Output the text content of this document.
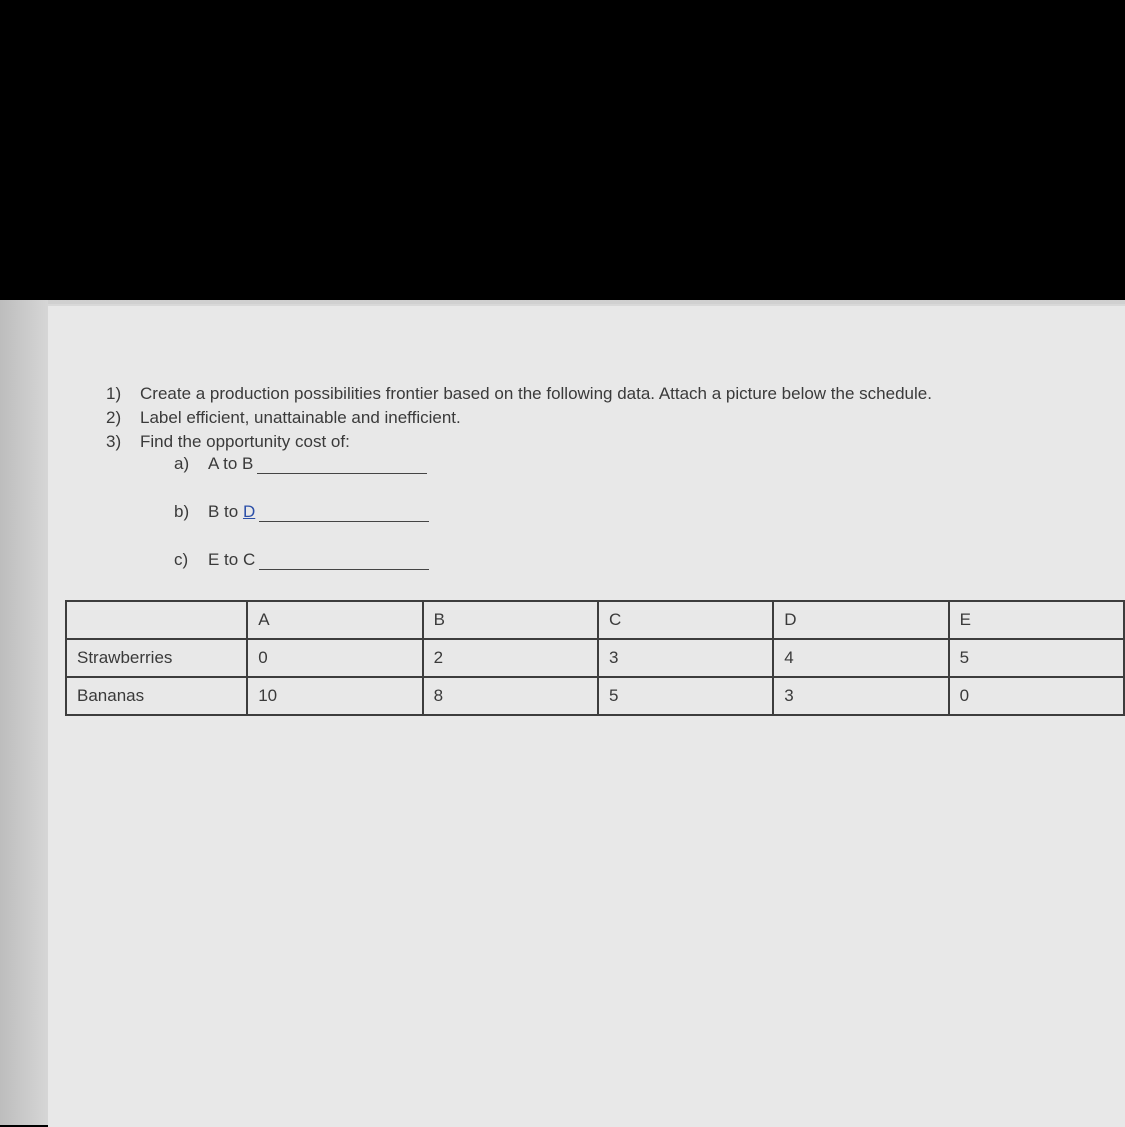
1)	Create a production possibilities frontier based on the following data. Attach a picture below the schedule.
2)	Label efficient, unattainable and inefficient.
3)	Find the opportunity cost of:
a)	A to B
b)	B to D
c)	E to C
	A	B	C	D	E
Strawberries	0	2	3	4	5
Bananas	10	8	5	3	0
